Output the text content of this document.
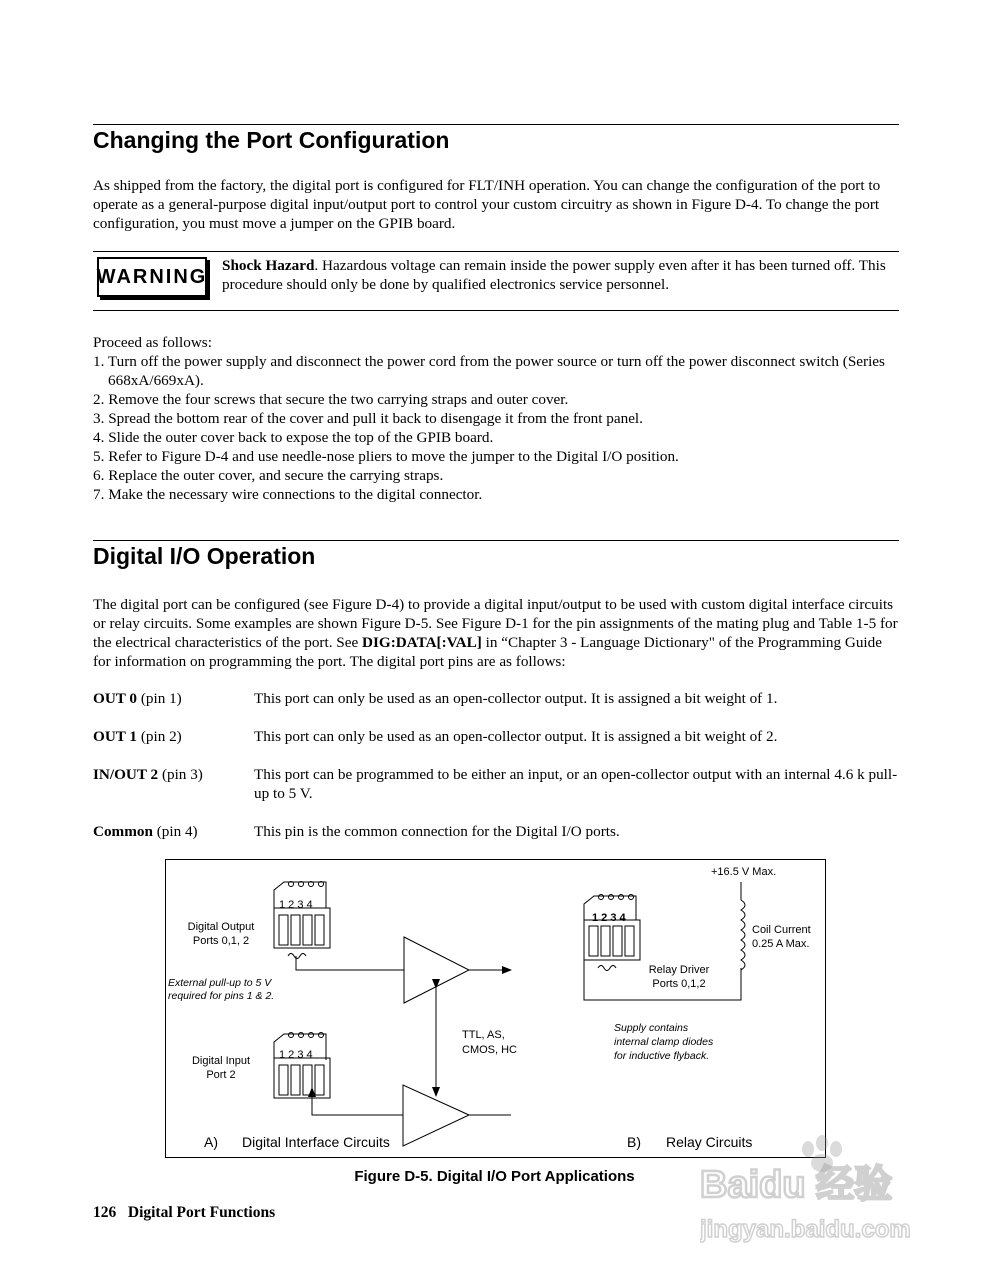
Changing the Port Configuration
As shipped from the factory, the digital port is configured for FLT/INH operation. You can change the configuration of the port to operate as a general-purpose digital input/output port to control your custom circuitry as shown in Figure D-4. To change the port configuration, you must move a jumper on the GPIB board.
WARNING Shock Hazard. Hazardous voltage can remain inside the power supply even after it has been turned off. This procedure should only be done by qualified electronics service personnel.
Proceed as follows:
1. Turn off the power supply and disconnect the power cord from the power source or turn off the power disconnect switch (Series 668xA/669xA).
2. Remove the four screws that secure the two carrying straps and outer cover.
3. Spread the bottom rear of the cover and pull it back to disengage it from the front panel.
4. Slide the outer cover back to expose the top of the GPIB board.
5. Refer to Figure D-4 and use needle-nose pliers to move the jumper to the Digital I/O position.
6. Replace the outer cover, and secure the carrying straps.
7. Make the necessary wire connections to the digital connector.
Digital I/O Operation
The digital port can be configured (see Figure D-4) to provide a digital input/output to be used with custom digital interface circuits or relay circuits. Some examples are shown Figure D-5. See Figure D-1 for the pin assignments of the mating plug and Table 1-5 for the electrical characteristics of the port. See DIG:DATA[:VAL] in “Chapter 3 - Language Dictionary" of the Programming Guide for information on programming the port. The digital port pins are as follows:
OUT 0 (pin 1)	This port can only be used as an open-collector output. It is assigned a bit weight of 1.
OUT 1 (pin 2)	This port can only be used as an open-collector output. It is assigned a bit weight of 2.
IN/OUT 2 (pin 3)	This port can be programmed to be either an input, or an open-collector output with an internal 4.6 k pull-up to 5 V.
Common (pin 4)	This pin is the common connection for the Digital I/O ports.
1 2 3 4
Digital Output
Ports 0,1, 2
External pull-up to 5 V
required for pins 1 & 2.
1 2 3 4
Digital Input
Port 2
TTL, AS,
CMOS, HC
1 2 3 4
+16.5 V Max.
Coil Current
0.25 A Max.
Relay Driver
Ports 0,1,2
Supply contains
internal clamp diodes
for inductive flyback.
A) Digital Interface Circuits	B) Relay Circuits
Figure D-5. Digital I/O Port Applications
126   Digital Port Functions
Baidu 经验
jingyan.baidu.com
